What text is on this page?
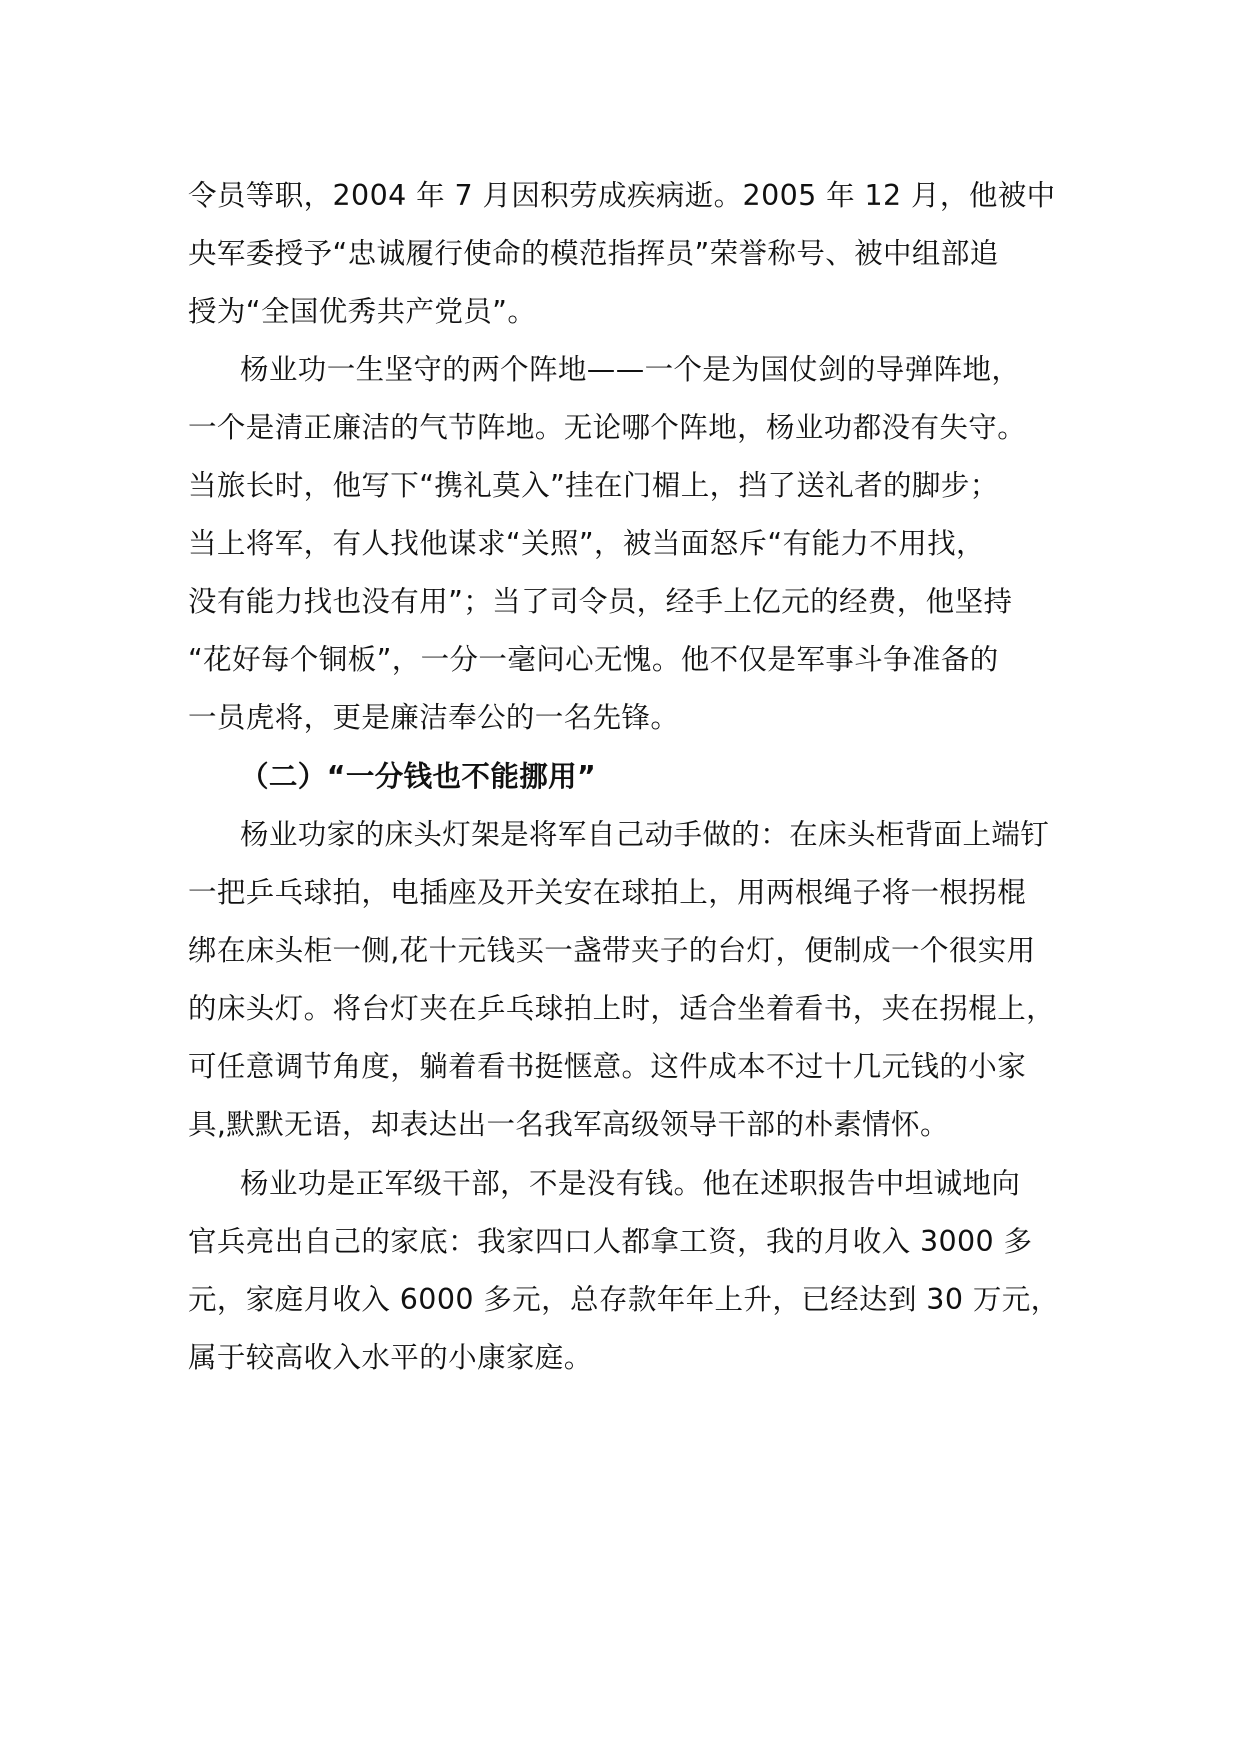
令员等职，2004 年 7 月因积劳成疾病逝。2005 年 12 月，他被中
央军委授予“忠诚履行使命的模范指挥员”荣誉称号、被中组部追
授为“全国优秀共产党员”。
杨业功一生坚守的两个阵地——一个是为国仗剑的导弹阵地，
一个是清正廉洁的气节阵地。无论哪个阵地，杨业功都没有失守。
当旅长时，他写下“携礼莫入”挂在门楣上，挡了送礼者的脚步；
当上将军，有人找他谋求“关照”，被当面怒斥“有能力不用找，
没有能力找也没有用”；当了司令员，经手上亿元的经费，他坚持
“花好每个铜板”，一分一毫问心无愧。他不仅是军事斗争准备的
一员虎将，更是廉洁奉公的一名先锋。
（二）“一分钱也不能挪用”
杨业功家的床头灯架是将军自己动手做的：在床头柜背面上端钉
一把乒乓球拍，电插座及开关安在球拍上，用两根绳子将一根拐棍
绑在床头柜一侧,花十元钱买一盏带夹子的台灯，便制成一个很实用
的床头灯。将台灯夹在乒乓球拍上时，适合坐着看书，夹在拐棍上，
可任意调节角度，躺着看书挺惬意。这件成本不过十几元钱的小家
具,默默无语，却表达出一名我军高级领导干部的朴素情怀。
杨业功是正军级干部，不是没有钱。他在述职报告中坦诚地向
官兵亮出自己的家底：我家四口人都拿工资，我的月收入 3000 多
元，家庭月收入 6000 多元，总存款年年上升，已经达到 30 万元，
属于较高收入水平的小康家庭。
